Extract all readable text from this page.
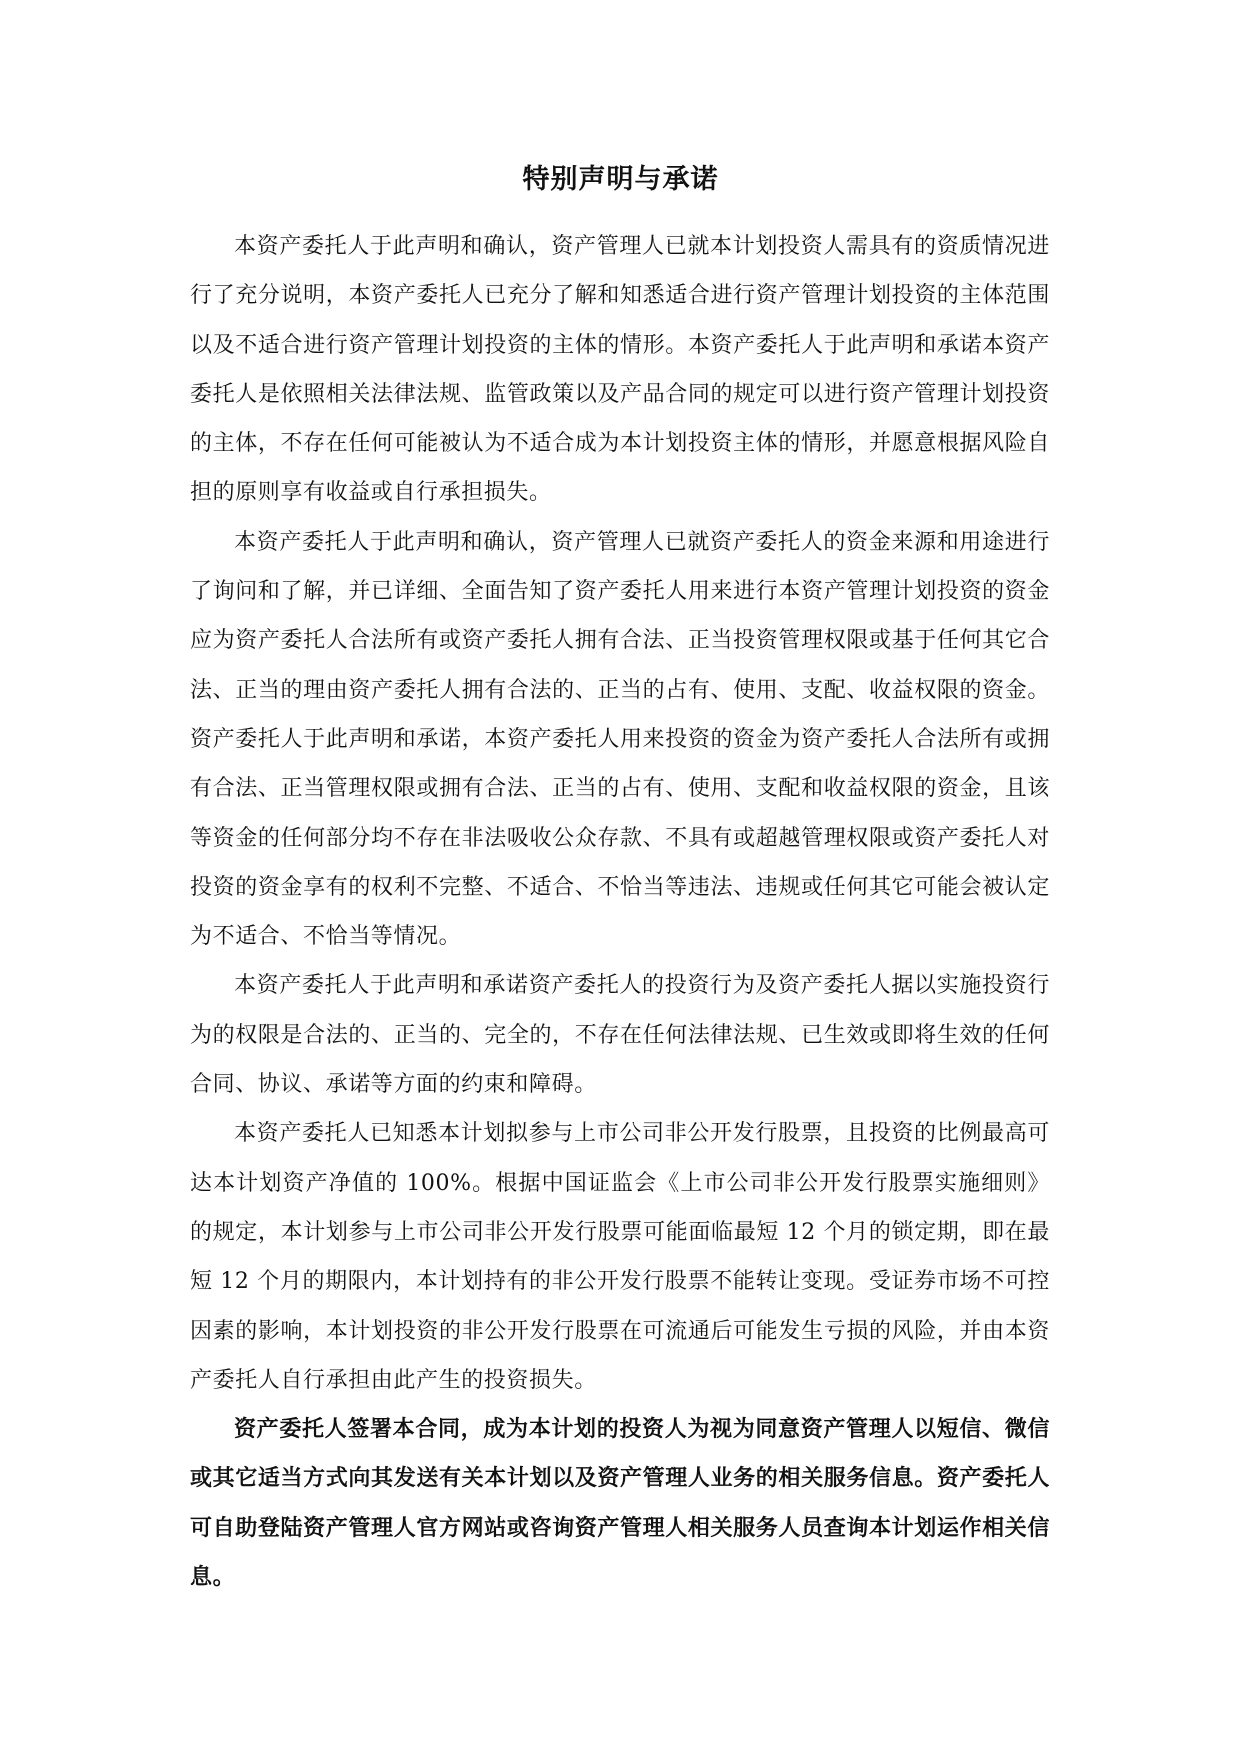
特别声明与承诺

本资产委托人于此声明和确认，资产管理人已就本计划投资人需具有的资质情况进行了充分说明，本资产委托人已充分了解和知悉适合进行资产管理计划投资的主体范围以及不适合进行资产管理计划投资的主体的情形。本资产委托人于此声明和承诺本资产委托人是依照相关法律法规、监管政策以及产品合同的规定可以进行资产管理计划投资的主体，不存在任何可能被认为不适合成为本计划投资主体的情形，并愿意根据风险自担的原则享有收益或自行承担损失。

本资产委托人于此声明和确认，资产管理人已就资产委托人的资金来源和用途进行了询问和了解，并已详细、全面告知了资产委托人用来进行本资产管理计划投资的资金应为资产委托人合法所有或资产委托人拥有合法、正当投资管理权限或基于任何其它合法、正当的理由资产委托人拥有合法的、正当的占有、使用、支配、收益权限的资金。资产委托人于此声明和承诺，本资产委托人用来投资的资金为资产委托人合法所有或拥有合法、正当管理权限或拥有合法、正当的占有、使用、支配和收益权限的资金，且该等资金的任何部分均不存在非法吸收公众存款、不具有或超越管理权限或资产委托人对投资的资金享有的权利不完整、不适合、不恰当等违法、违规或任何其它可能会被认定为不适合、不恰当等情况。

本资产委托人于此声明和承诺资产委托人的投资行为及资产委托人据以实施投资行为的权限是合法的、正当的、完全的，不存在任何法律法规、已生效或即将生效的任何合同、协议、承诺等方面的约束和障碍。

本资产委托人已知悉本计划拟参与上市公司非公开发行股票，且投资的比例最高可达本计划资产净值的 100%。根据中国证监会《上市公司非公开发行股票实施细则》的规定，本计划参与上市公司非公开发行股票可能面临最短 12 个月的锁定期，即在最短 12 个月的期限内，本计划持有的非公开发行股票不能转让变现。受证券市场不可控因素的影响，本计划投资的非公开发行股票在可流通后可能发生亏损的风险，并由本资产委托人自行承担由此产生的投资损失。

资产委托人签署本合同，成为本计划的投资人为视为同意资产管理人以短信、微信或其它适当方式向其发送有关本计划以及资产管理人业务的相关服务信息。资产委托人可自助登陆资产管理人官方网站或咨询资产管理人相关服务人员查询本计划运作相关信息。
